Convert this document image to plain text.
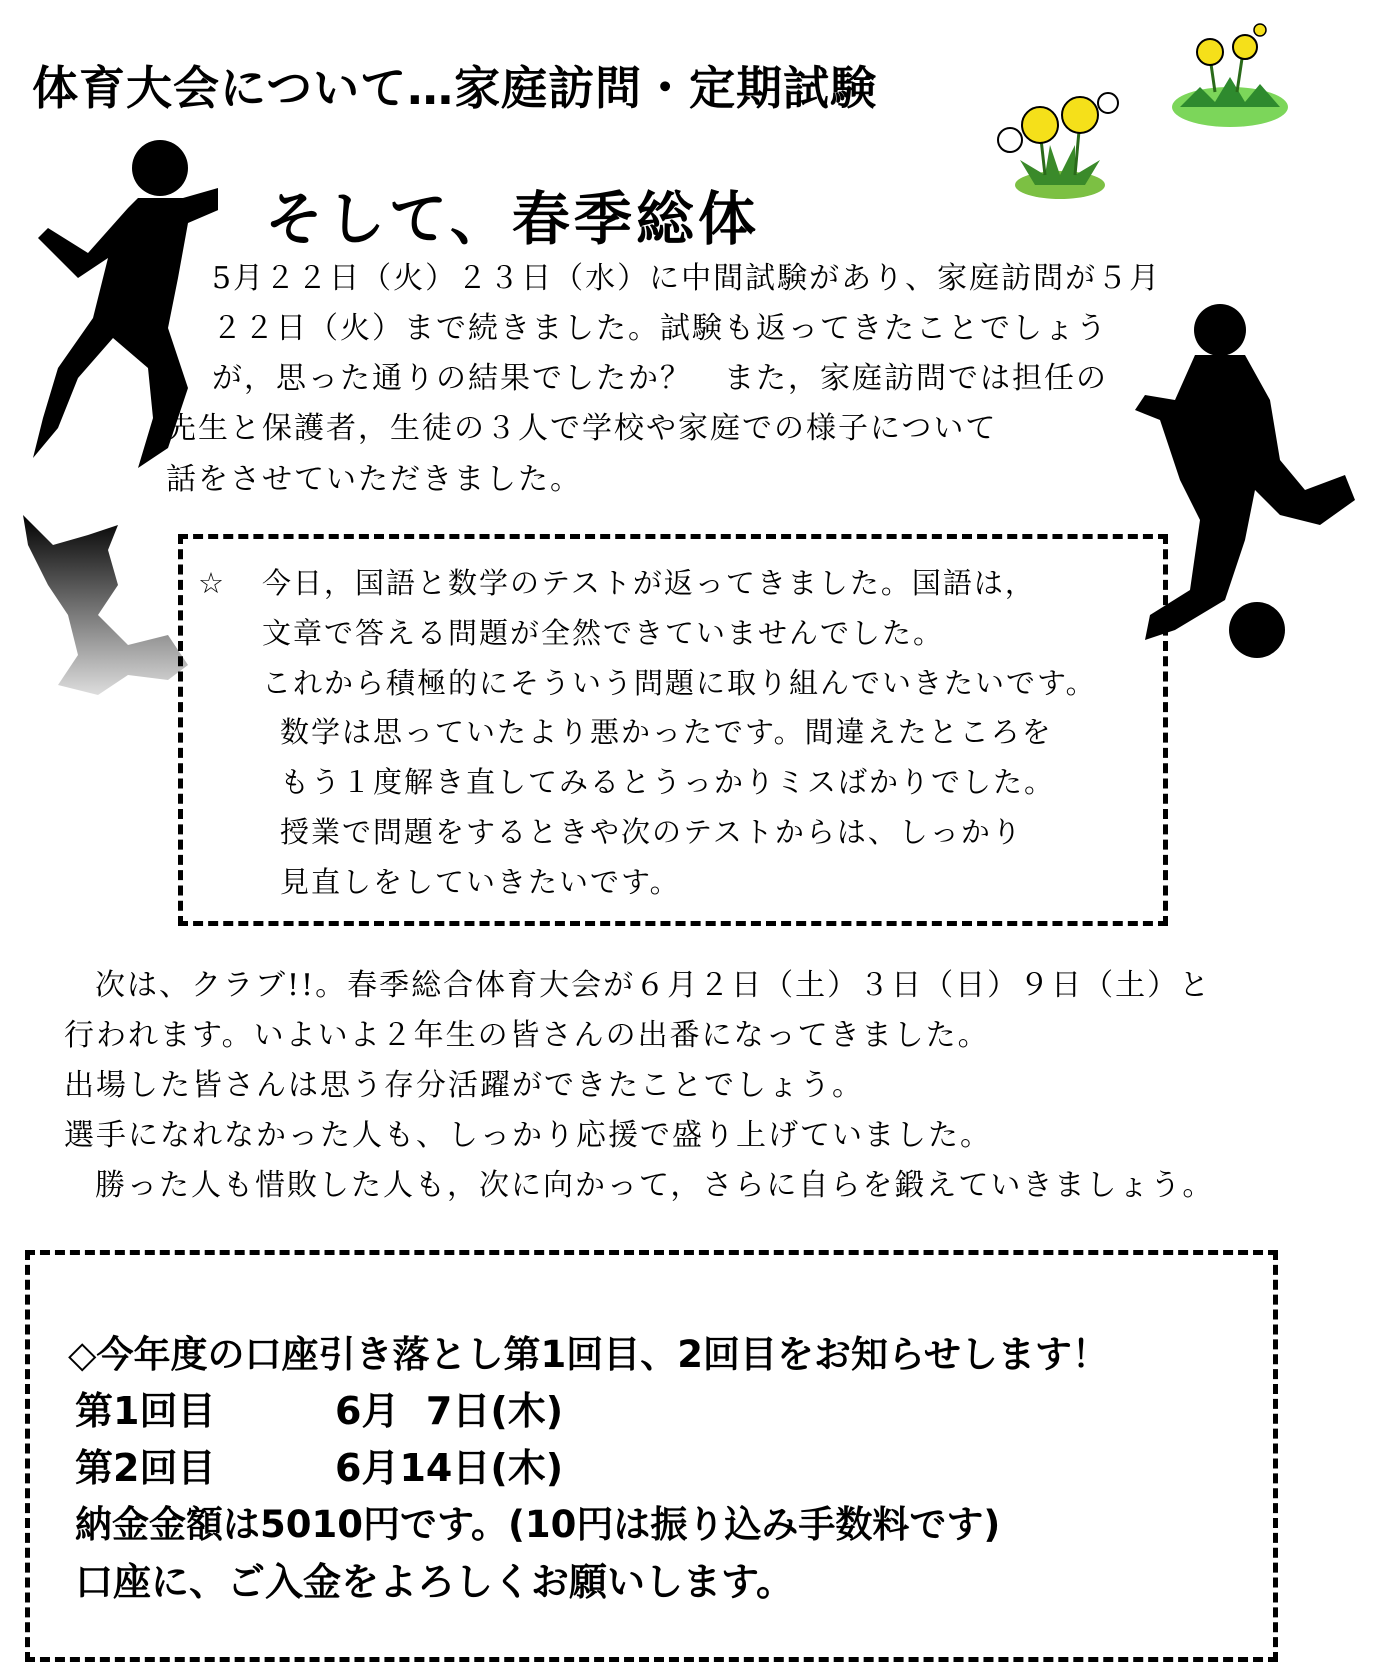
体育大会について…家庭訪問・定期試験
そして、春季総体
5月２２日（火）２３日（水）に中間試験があり、家庭訪問が５月
２２日（火）まで続きました。試験も返ってきたことでしょう
が，思った通りの結果でしたか？　また，家庭訪問では担任の
先生と保護者，生徒の３人で学校や家庭での様子について
話をさせていただきました。
☆ 今日，国語と数学のテストが返ってきました。国語は，
文章で答える問題が全然できていませんでした。
これから積極的にそういう問題に取り組んでいきたいです。
数学は思っていたより悪かったです。間違えたところを
もう１度解き直してみるとうっかりミスばかりでした。
授業で問題をするときや次のテストからは、しっかり
見直しをしていきたいです。
次は、クラブ!!。春季総合体育大会が６月２日（土）３日（日）９日（土）と
行われます。いよいよ２年生の皆さんの出番になってきました。
出場した皆さんは思う存分活躍ができたことでしょう。
選手になれなかった人も、しっかり応援で盛り上げていました。
勝った人も惜敗した人も，次に向かって，さらに自らを鍛えていきましょう。
◇今年度の口座引き落とし第1回目、2回目をお知らせします！
第1回目	6月  7日(木)
第2回目	6月14日(木)
納金金額は5010円です。(10円は振り込み手数料です)
口座に、ご入金をよろしくお願いします。
